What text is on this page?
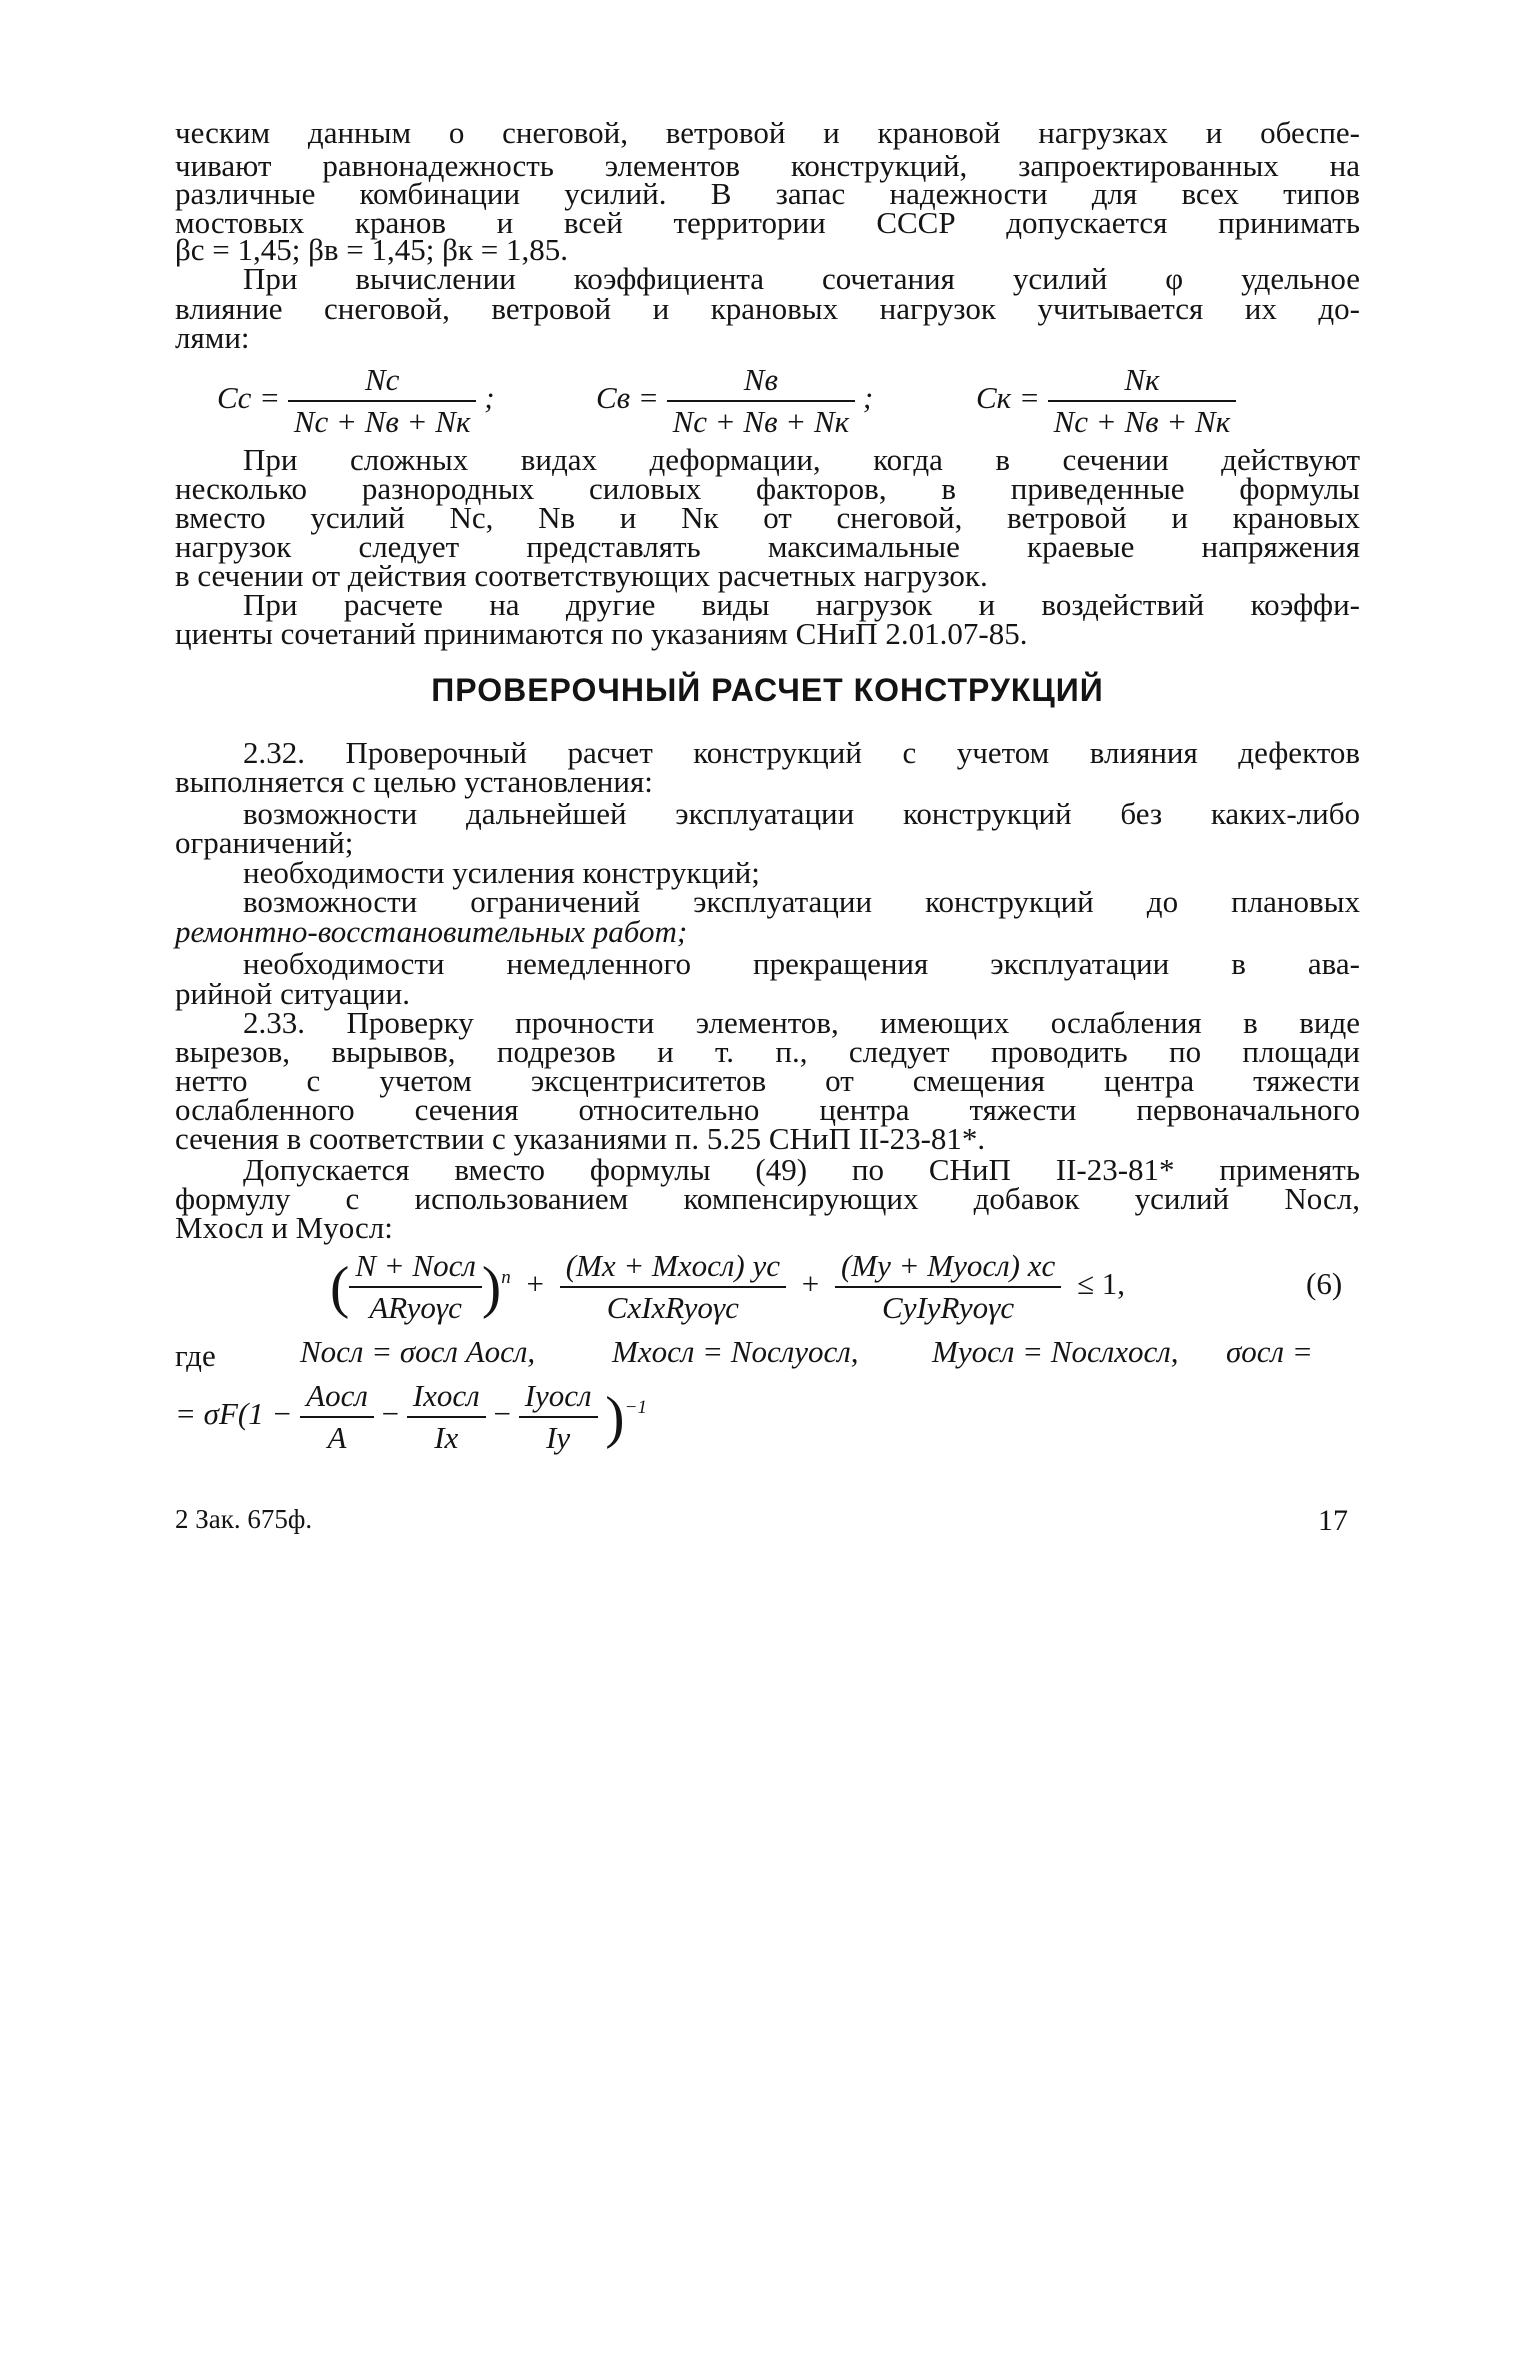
ческим данным о снеговой, ветровой и крановой нагрузках и обеспе-
чивают равнонадежность элементов конструкций, запроектированных на
различные комбинации усилий. В запас надежности для всех типов
мостовых кранов и всей территории СССР допускается принимать
βс = 1,45; βв = 1,45; βк = 1,85.
При вычислении коэффициента сочетания усилий φ удельное
влияние снеговой, ветровой и крановых нагрузок учитывается их до-
лями:
Cс = $\frac{Nс}{Nс + Nв + Nк}$ ;	Cв = $\frac{Nв}{Nс + Nв + Nк}$ ;	Cк = $\frac{Nк}{Nс + Nв + Nк}$
При сложных видах деформации, когда в сечении действуют
несколько разнородных силовых факторов, в приведенные формулы
вместо усилий Nс, Nв и Nк от снеговой, ветровой и крановых
нагрузок следует представлять максимальные краевые напряжения
в сечении от действия соответствующих расчетных нагрузок.
При расчете на другие виды нагрузок и воздействий коэффи-
циенты сочетаний принимаются по указаниям СНиП 2.01.07-85.
ПРОВЕРОЧНЫЙ РАСЧЕТ КОНСТРУКЦИЙ
2.32. Проверочный расчет конструкций с учетом влияния дефектов
выполняется с целью установления:
возможности дальнейшей эксплуатации конструкций без каких-либо
ограничений;
необходимости усиления конструкций;
возможности ограничений эксплуатации конструкций до плановых
ремонтно-восстановительных работ;
необходимости немедленного прекращения эксплуатации в ава-
рийной ситуации.
2.33. Проверку прочности элементов, имеющих ослабления в виде
вырезов, вырывов, подрезов и т. п., следует проводить по площади
нетто с учетом эксцентриситетов от смещения центра тяжести
ослабленного сечения относительно центра тяжести первоначального
сечения в соответствии с указаниями п. 5.25 СНиП II-23-81*.
Допускается вместо формулы (49) по СНиП II-23-81* применять
формулу с использованием компенсирующих добавок усилий Nосл,
Mxосл и Myосл:
( $\frac{\text{N + Nосл}}{\text{ARyoγс}} )^n + \frac{\text{(Mx + Mxосл) yс}}{\text{CxIxRyoγс}} + \frac{\text{(My + Myосл) xс}}{\text{CyIyRyoγс}} \le 1$,	(6)
где	Nосл = σосл Aосл, Mxосл = Nослyосл, Myосл = Nослxосл, σосл =
= $\sigma F(1 - \frac{\text{Aосл}}{A} - \frac{\text{Ixосл}}{Ix} - \frac{\text{Iyосл}}{Iy} )^{-1}$
2 Зак. 675ф.	17
